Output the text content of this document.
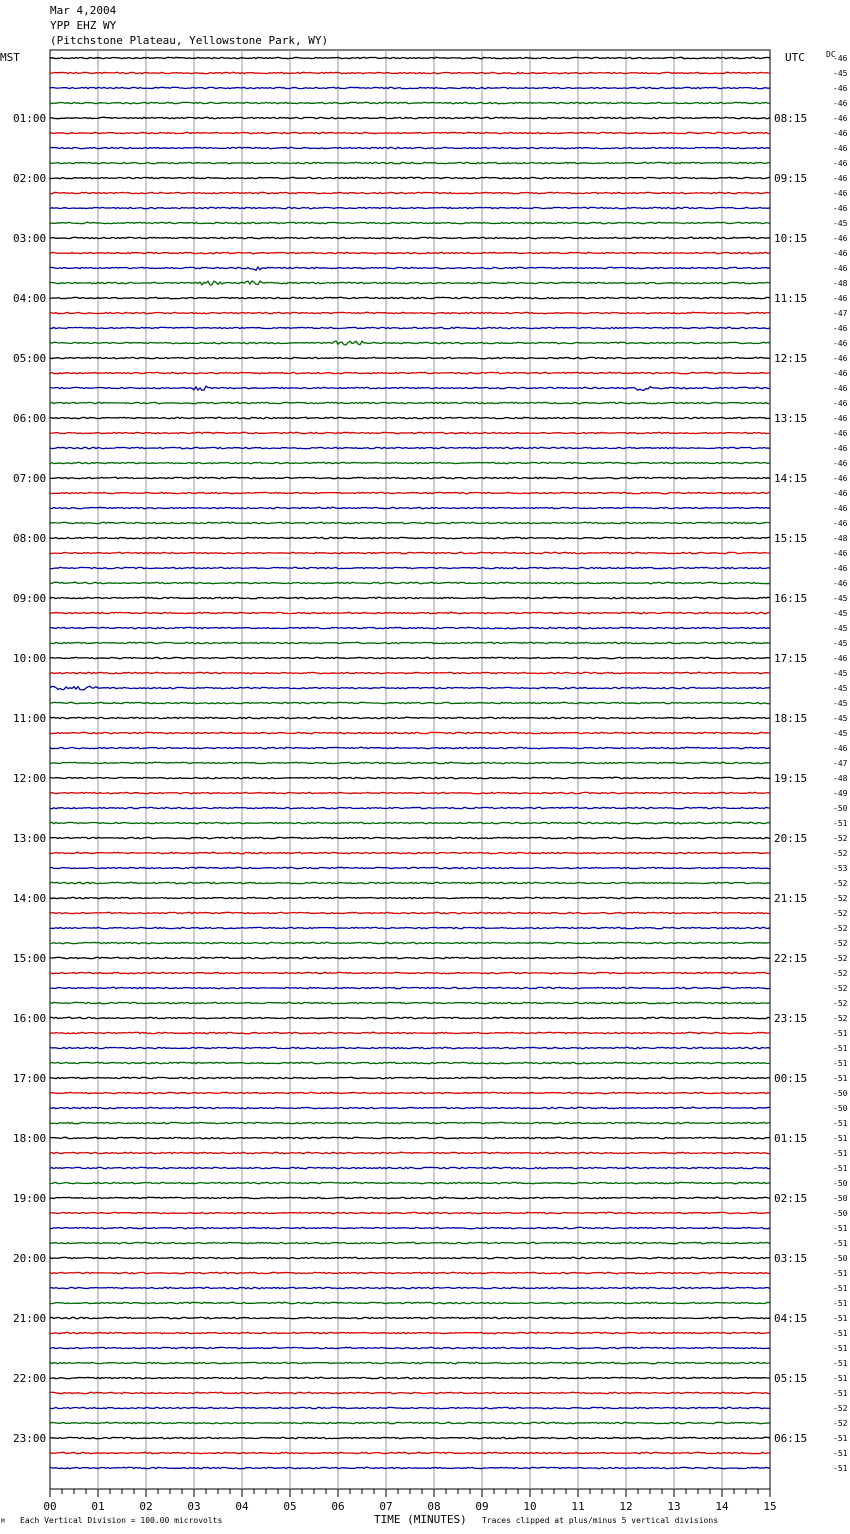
Mar 4,2004
YPP EHZ WY
(Pitchstone Plateau, Yellowstone Park, WY)
-46
-45
-46
-46
-46
-46
-46
-46
-46
-46
-46
-45
-46
-46
-46
-48
-46
-47
-46
-46
-46
-46
-46
-46
-46
-46
-46
-46
-46
-46
-46
-46
-48
-46
-46
-46
-45
-45
-45
-45
-46
-45
-45
-45
-45
-45
-46
-47
-48
-49
-50
-51
-52
-52
-53
-52
-52
-52
-52
-52
-52
-52
-52
-52
-52
-51
-51
-51
-51
-50
-50
-51
-51
-51
-51
-50
-50
-50
-51
-51
-50
-51
-51
-51
-51
-51
-51
-51
-51
-51
-52
-52
-51
-51
-51
DC
MST	UTC
01:00
02:00
03:00
04:00
05:00
06:00
07:00
08:00
09:00
10:00
11:00
12:00
13:00
14:00
15:00
16:00
17:00
18:00
19:00
20:00
21:00
22:00
23:00
08:15
09:15
10:15
11:15
12:15
13:15
14:15
15:15
16:15
17:15
18:15
19:15
20:15
21:15
22:15
23:15
00:15
01:15
02:15
03:15
04:15
05:15
06:15
00	01	02	03	04	05	06	07	08	09	10	11	12	13	14	15
M Each Vertical Division = 100.00 microvolts	TIME (MINUTES) Traces clipped at plus/minus 5 vertical divisions
